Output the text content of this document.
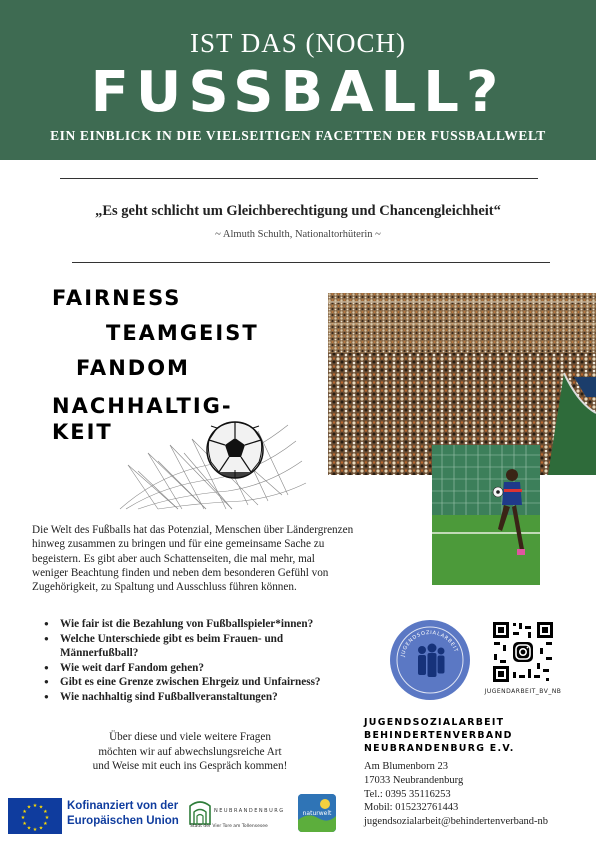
IST DAS (NOCH)
FUSSBALL?
EIN EINBLICK IN DIE VIELSEITIGEN FACETTEN DER FUSSBALLWELT
„Es geht schlicht um Gleichberechtigung und Chancengleichheit“
~ Almuth Schulth, Nationaltorhüterin ~
FAIRNESS
TEAMGEIST
FANDOM
NACHHALTIG-
KEIT
Die Welt des Fußballs hat das Potenzial, Menschen über Ländergrenzen
hinweg zusammen zu bringen und für eine gemeinsame Sache zu
begeistern. Es gibt aber auch Schattenseiten, die mal mehr, mal
weniger Beachtung finden und neben dem besonderen Gefühl von
Zugehörigkeit, zu Spaltung und Ausschluss führen können.
● Wie fair ist die Bezahlung von Fußballspieler*innen?
● Welche Unterschiede gibt es beim Frauen- und
Männerfußball?
● Wie weit darf Fandom gehen?
● Gibt es eine Grenze zwischen Ehrgeiz und Unfairness?
● Wie nachhaltig sind Fußballveranstaltungen?
Über diese und viele weitere Fragen
möchten wir auf abwechslungsreiche Art
und Weise mit euch ins Gespräch kommen!
JUGENDSOZIALARBEIT
JUGENDARBEIT_BV_NB
JUGENDSOZIALARBEIT
BEHINDERTENVERBAND
NEUBRANDENBURG E.V.
Am Blumenborn 23
17033 Neubrandenburg
Tel.: 0395 35116253
Mobil: 015232761443
jugendsozialarbeit@behindertenverband-nb
★ ★
★
★
★
★
★
★
★
★
★
★	Kofinanziert von der
Europäischen Union
NEUBRANDENBURG
Stadt der Vier Tore am Tollensesee
naturwelt
